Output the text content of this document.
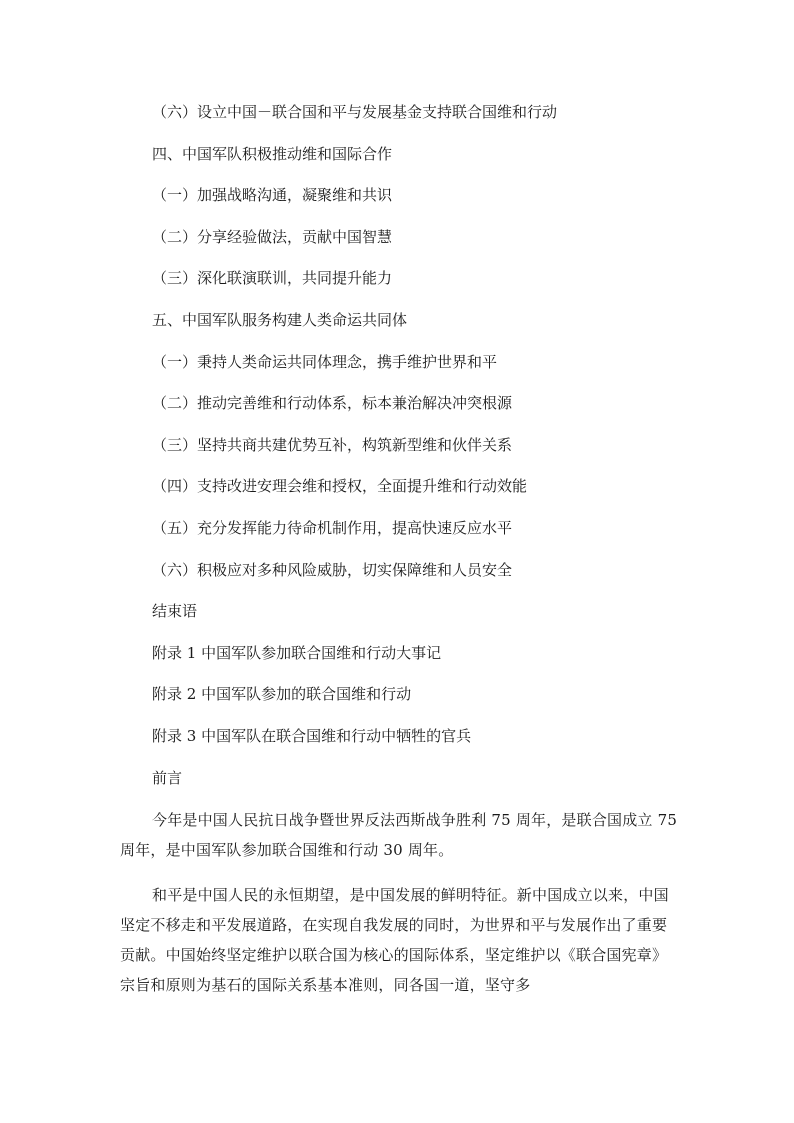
（六）设立中国－联合国和平与发展基金支持联合国维和行动
四、中国军队积极推动维和国际合作
（一）加强战略沟通，凝聚维和共识
（二）分享经验做法，贡献中国智慧
（三）深化联演联训，共同提升能力
五、中国军队服务构建人类命运共同体
（一）秉持人类命运共同体理念，携手维护世界和平
（二）推动完善维和行动体系，标本兼治解决冲突根源
（三）坚持共商共建优势互补，构筑新型维和伙伴关系
（四）支持改进安理会维和授权，全面提升维和行动效能
（五）充分发挥能力待命机制作用，提高快速反应水平
（六）积极应对多种风险威胁，切实保障维和人员安全
结束语
附录 1 中国军队参加联合国维和行动大事记
附录 2 中国军队参加的联合国维和行动
附录 3 中国军队在联合国维和行动中牺牲的官兵
前言
今年是中国人民抗日战争暨世界反法西斯战争胜利 75 周年，是联合国成立 75 周年，是中国军队参加联合国维和行动 30 周年。
和平是中国人民的永恒期望，是中国发展的鲜明特征。新中国成立以来，中国坚定不移走和平发展道路，在实现自我发展的同时，为世界和平与发展作出了重要贡献。中国始终坚定维护以联合国为核心的国际体系，坚定维护以《联合国宪章》宗旨和原则为基石的国际关系基本准则，同各国一道，坚守多
